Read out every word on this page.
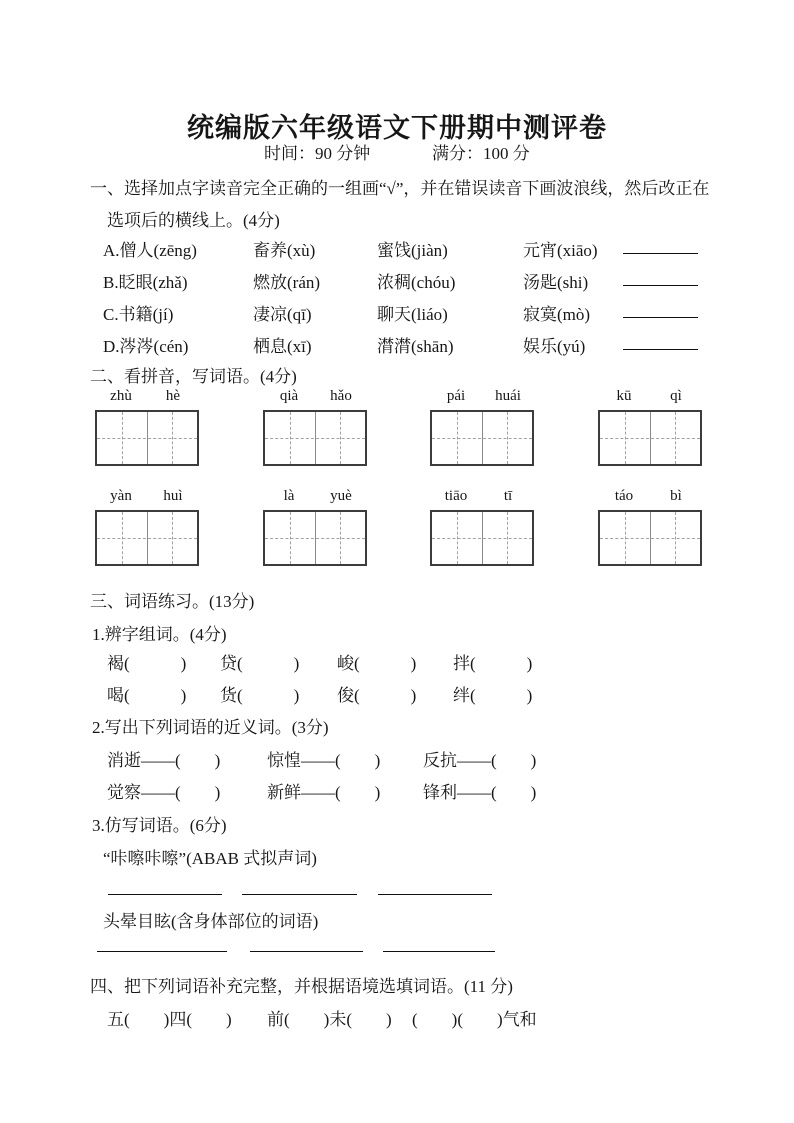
统编版六年级语文下册期中测评卷
时间：90 分钟	满分：100 分
一、选择加点字读音完全正确的一组画“√”，并在错误读音下画波浪线，然后改正在
选项后的横线上。(4分)
A.僧人(zēng)	畜养(xù)	蜜饯(jiàn)	元宵(xiāo)
B.眨眼(zhǎ)	燃放(rán)	浓稠(chóu)	汤匙(shi)
C.书籍(jí)	凄凉(qī)	聊天(liáo)	寂寞(mò)
D.涔涔(cén)	栖息(xī)	潸潸(shān)	娱乐(yú)
二、看拼音，写词语。(4分)
zhù	hè	qià	hǎo	pái	huái	kū	qì
yàn	huì	là	yuè	tiāo	tī	táo	bì
三、词语练习。(13分)
1.辨字组词。(4分)
褐(　　　) 贷(　　　) 峻(　　　) 拌(　　　)
喝(　　　) 货(　　　) 俊(　　　) 绊(　　　)
2.写出下列词语的近义词。(3分)
消逝——(　　)	惊惶——(　　)	反抗——(　　)
觉察——(　　)	新鲜——(　　)	锋利——(　　)
3.仿写词语。(6分)
“咔嚓咔嚓”(ABAB 式拟声词)
头晕目眩(含身体部位的词语)
四、把下列词语补充完整，并根据语境选填词语。(11 分)
五(　　)四(　　) 前(　　)未(　　) (　　)(　　)气和
